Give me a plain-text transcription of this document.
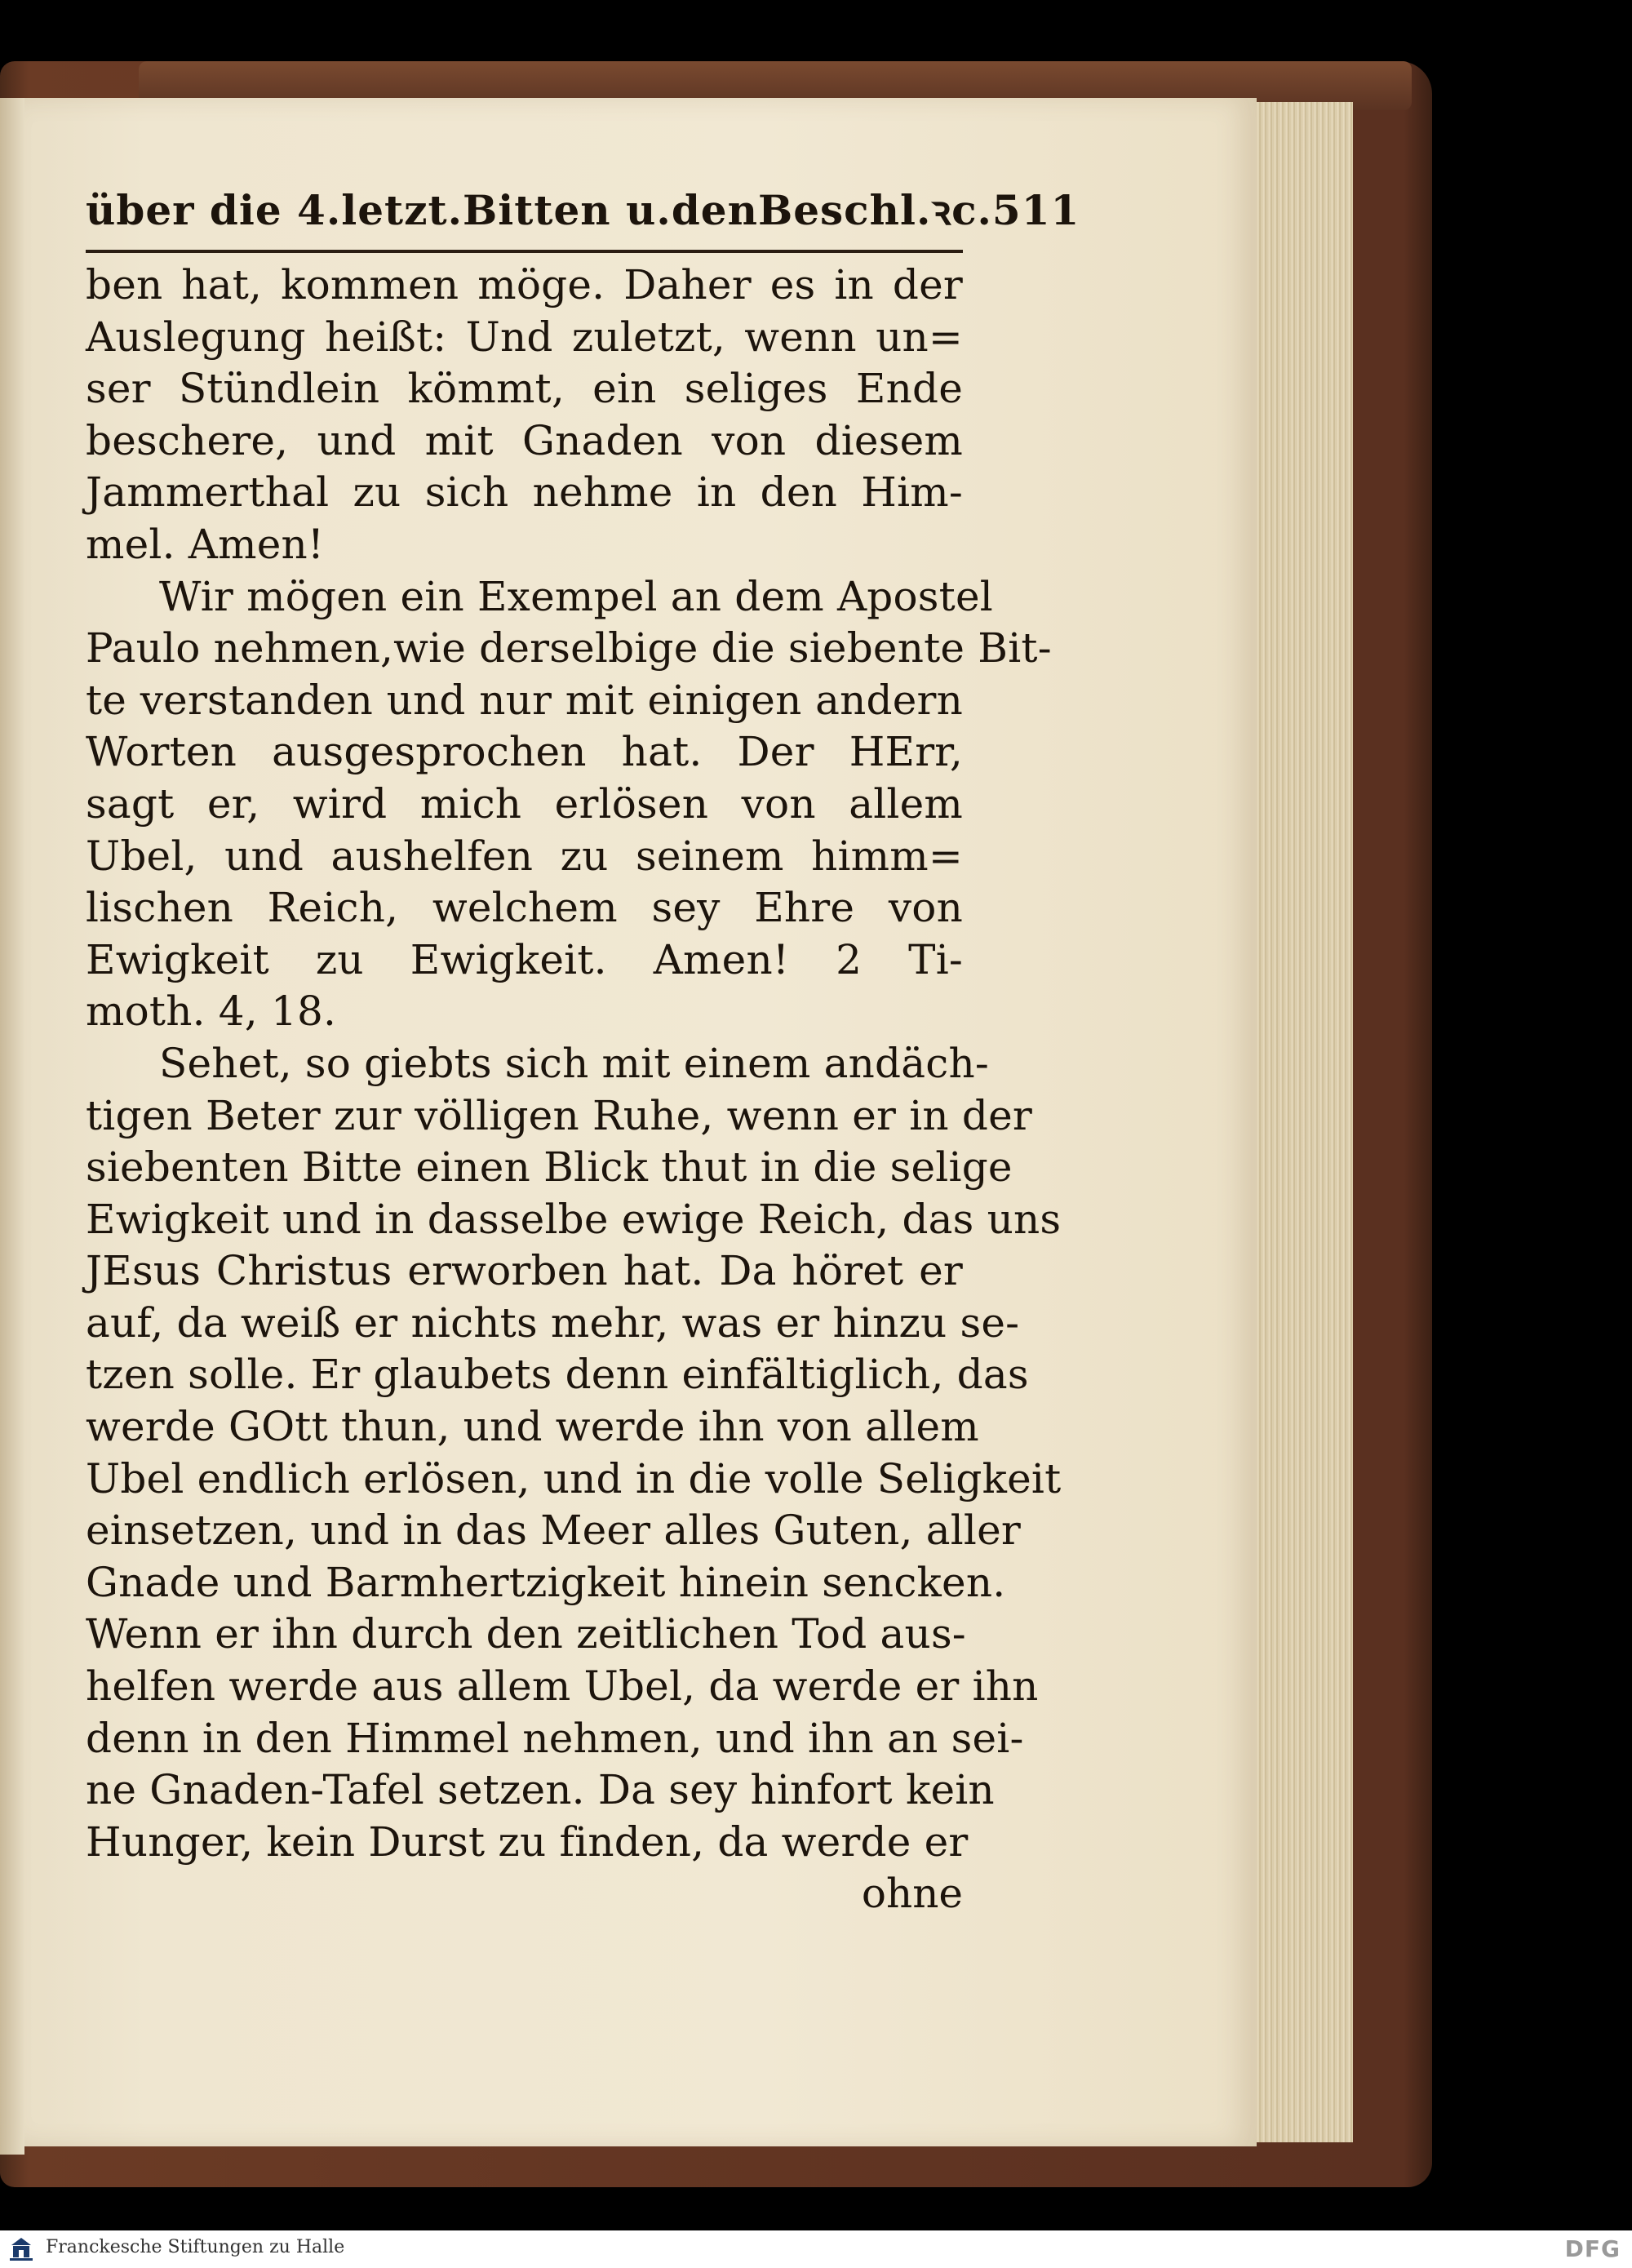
über die 4.letzt.Bitten u.denBeschl.ꝛc. 511
ben hat, kommen möge. Daher es in der
Auslegung heißt: Und zuletzt, wenn un=
ser Stündlein kömmt, ein seliges Ende
beschere, und mit Gnaden von diesem
Jammerthal zu sich nehme in den Him-
mel. Amen!
Wir mögen ein Exempel an dem Apostel
Paulo nehmen,wie derselbige die siebente Bit-
te verstanden und nur mit einigen andern
Worten ausgesprochen hat. Der HErr,
sagt er, wird mich erlösen von allem
Ubel, und aushelfen zu seinem himm=
lischen Reich, welchem sey Ehre von
Ewigkeit zu Ewigkeit. Amen! 2 Ti-
moth. 4, 18.
Sehet, so giebts sich mit einem andäch-
tigen Beter zur völligen Ruhe, wenn er in der
siebenten Bitte einen Blick thut in die selige
Ewigkeit und in dasselbe ewige Reich, das uns
JEsus Christus erworben hat. Da höret er
auf, da weiß er nichts mehr, was er hinzu se-
tzen solle. Er glaubets denn einfältiglich, das
werde GOtt thun, und werde ihn von allem
Ubel endlich erlösen, und in die volle Seligkeit
einsetzen, und in das Meer alles Guten, aller
Gnade und Barmhertzigkeit hinein sencken.
Wenn er ihn durch den zeitlichen Tod aus-
helfen werde aus allem Ubel, da werde er ihn
denn in den Himmel nehmen, und ihn an sei-
ne Gnaden-Tafel setzen. Da sey hinfort kein
Hunger, kein Durst zu finden, da werde er
ohne
Franckesche Stiftungen zu Halle	DFG
